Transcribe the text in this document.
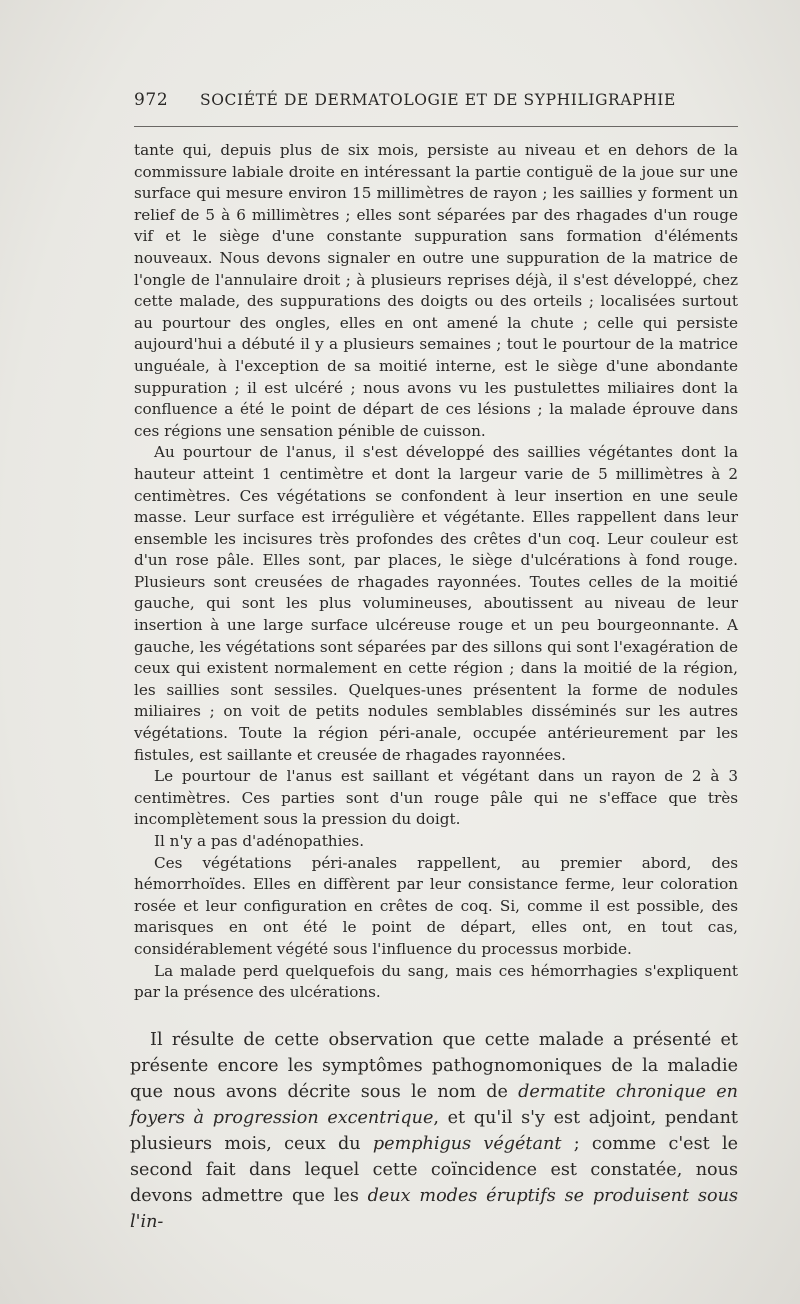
972 SOCIÉTÉ DE DERMATOLOGIE ET DE SYPHILIGRAPHIE

tante qui, depuis plus de six mois, persiste au niveau et en dehors de la commissure labiale droite en intéressant la partie contiguë de la joue sur une surface qui mesure environ 15 millimètres de rayon ; les saillies y forment un relief de 5 à 6 millimètres ; elles sont séparées par des rhagades d'un rouge vif et le siège d'une constante suppuration sans formation d'éléments nouveaux. Nous devons signaler en outre une suppuration de la matrice de l'ongle de l'annulaire droit ; à plusieurs reprises déjà, il s'est développé, chez cette malade, des suppurations des doigts ou des orteils ; localisées surtout au pourtour des ongles, elles en ont amené la chute ; celle qui persiste aujourd'hui a débuté il y a plusieurs semaines ; tout le pourtour de la matrice unguéale, à l'exception de sa moitié interne, est le siège d'une abondante suppuration ; il est ulcéré ; nous avons vu les pustulettes miliaires dont la confluence a été le point de départ de ces lésions ; la malade éprouve dans ces régions une sensation pénible de cuisson.

Au pourtour de l'anus, il s'est développé des saillies végétantes dont la hauteur atteint 1 centimètre et dont la largeur varie de 5 millimètres à 2 centimètres. Ces végétations se confondent à leur insertion en une seule masse. Leur surface est irrégulière et végétante. Elles rappellent dans leur ensemble les incisures très profondes des crêtes d'un coq. Leur couleur est d'un rose pâle. Elles sont, par places, le siège d'ulcérations à fond rouge. Plusieurs sont creusées de rhagades rayonnées. Toutes celles de la moitié gauche, qui sont les plus volumineuses, aboutissent au niveau de leur insertion à une large surface ulcéreuse rouge et un peu bourgeonnante. A gauche, les végétations sont séparées par des sillons qui sont l'exagération de ceux qui existent normalement en cette région ; dans la moitié de la région, les saillies sont sessiles. Quelques-unes présentent la forme de nodules miliaires ; on voit de petits nodules semblables disséminés sur les autres végétations. Toute la région péri-anale, occupée antérieurement par les fistules, est saillante et creusée de rhagades rayonnées.

Le pourtour de l'anus est saillant et végétant dans un rayon de 2 à 3 centimètres. Ces parties sont d'un rouge pâle qui ne s'efface que très incomplètement sous la pression du doigt.

Il n'y a pas d'adénopathies.

Ces végétations péri-anales rappellent, au premier abord, des hémorrhoïdes. Elles en diffèrent par leur consistance ferme, leur coloration rosée et leur configuration en crêtes de coq. Si, comme il est possible, des marisques en ont été le point de départ, elles ont, en tout cas, considérablement végété sous l'influence du processus morbide.

La malade perd quelquefois du sang, mais ces hémorrhagies s'expliquent par la présence des ulcérations.

Il résulte de cette observation que cette malade a présenté et présente encore les symptômes pathognomoniques de la maladie que nous avons décrite sous le nom de dermatite chronique en foyers à progression excentrique, et qu'il s'y est adjoint, pendant plusieurs mois, ceux du pemphigus végétant ; comme c'est le second fait dans lequel cette coïncidence est constatée, nous devons admettre que les deux modes éruptifs se produisent sous l'in-
